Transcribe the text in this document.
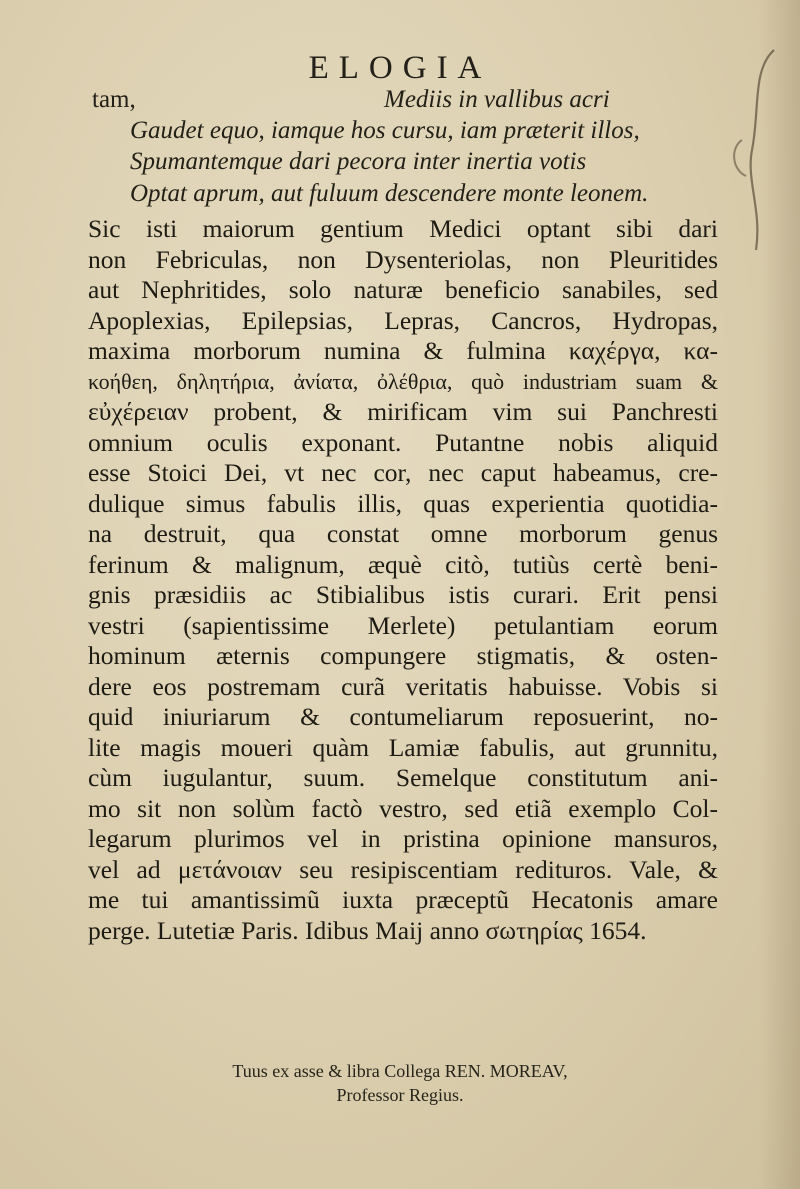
ELOGIA
tam,	Mediis in vallibus acri
Gaudet equo, iamque hos cursu, iam præterit illos,
Spumantemque dari pecora inter inertia votis
Optat aprum, aut fuluum descendere monte leonem.
Sic isti maiorum gentium Medici optant sibi dari
non Febriculas, non Dysenteriolas, non Pleuritides
aut Nephritides, solo naturæ beneficio sanabiles, sed
Apoplexias, Epilepsias, Lepras, Cancros, Hydropas,
maxima morborum numina & fulmina καχέργα, κα-
κοήθεη, δηλητήρια, ἀνίατα, ὀλέθρια, quò industriam suam &
εὐχέρειαν probent, & mirificam vim sui Panchresti
omnium oculis exponant. Putantne nobis aliquid
esse Stoici Dei, vt nec cor, nec caput habeamus, cre-
dulique simus fabulis illis, quas experientia quotidia-
na destruit, qua constat omne morborum genus
ferinum & malignum, æquè citò, tutiùs certè beni-
gnis præsidiis ac Stibialibus istis curari. Erit pensi
vestri (sapientissime Merlete) petulantiam eorum
hominum æternis compungere stigmatis, & osten-
dere eos postremam curã veritatis habuisse. Vobis si
quid iniuriarum & contumeliarum reposuerint, no-
lite magis moueri quàm Lamiæ fabulis, aut grunnitu,
cùm iugulantur, suum. Semelque constitutum ani-
mo sit non solùm factò vestro, sed etiã exemplo Col-
legarum plurimos vel in pristina opinione mansuros,
vel ad μετάνοιαν seu resipiscentiam redituros. Vale, &
me tui amantissimũ iuxta præceptũ Hecatonis amare
perge. Lutetiæ Paris. Idibus Maij anno σωτηρίας 1654.
Tuus ex asse & libra Collega REN. MOREAV,
Professor Regius.
